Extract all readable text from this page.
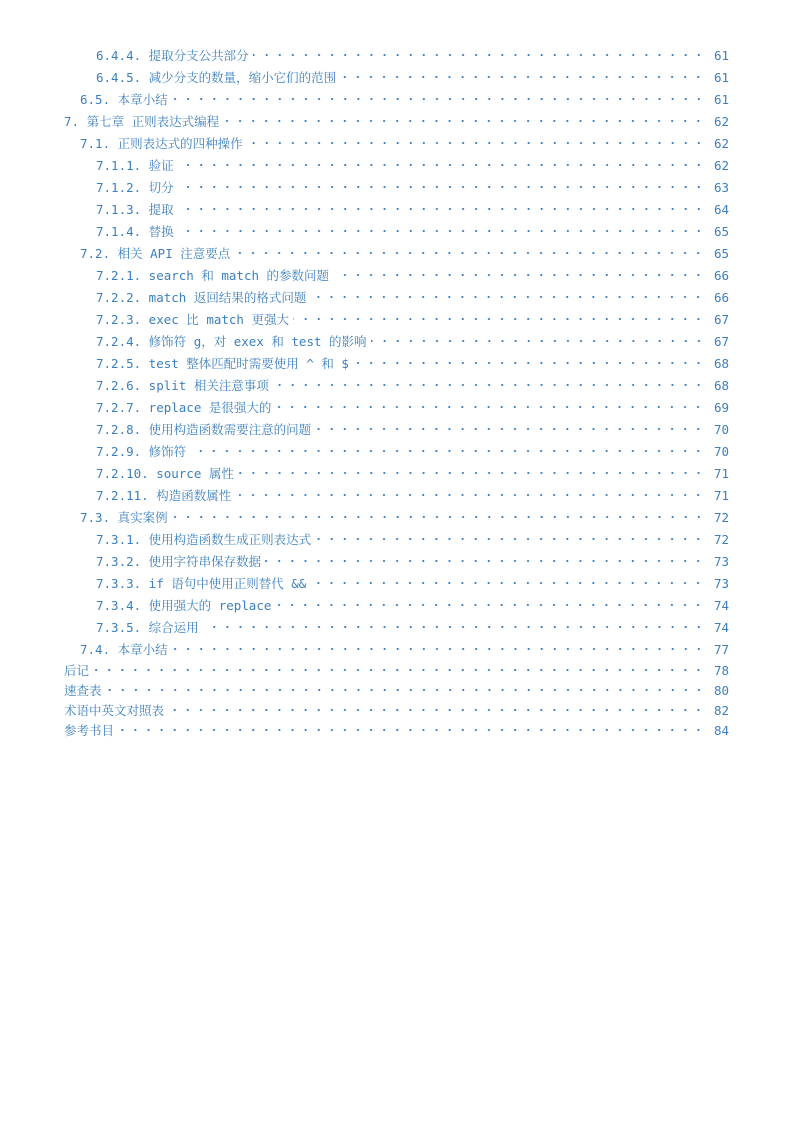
6.4.4. 提取分支公共部分	61
6.4.5. 减少分支的数量，缩小它们的范围	61
6.5. 本章小结	61
7. 第七章 正则表达式编程	62
7.1. 正则表达式的四种操作	62
7.1.1. 验证	62
7.1.2. 切分	63
7.1.3. 提取	64
7.1.4. 替换	65
7.2. 相关 API 注意要点	65
7.2.1. search 和 match 的参数问题	66
7.2.2. match 返回结果的格式问题	66
7.2.3. exec 比 match 更强大	67
7.2.4. 修饰符 g，对 exex 和 test 的影响	67
7.2.5. test 整体匹配时需要使用 ^ 和 $	68
7.2.6. split 相关注意事项	68
7.2.7. replace 是很强大的	69
7.2.8. 使用构造函数需要注意的问题	70
7.2.9. 修饰符	70
7.2.10. source 属性	71
7.2.11. 构造函数属性	71
7.3. 真实案例	72
7.3.1. 使用构造函数生成正则表达式	72
7.3.2. 使用字符串保存数据	73
7.3.3. if 语句中使用正则替代 &&	73
7.3.4. 使用强大的 replace	74
7.3.5. 综合运用	74
7.4. 本章小结	77
后记	78
速查表	80
术语中英文对照表	82
参考书目	84
